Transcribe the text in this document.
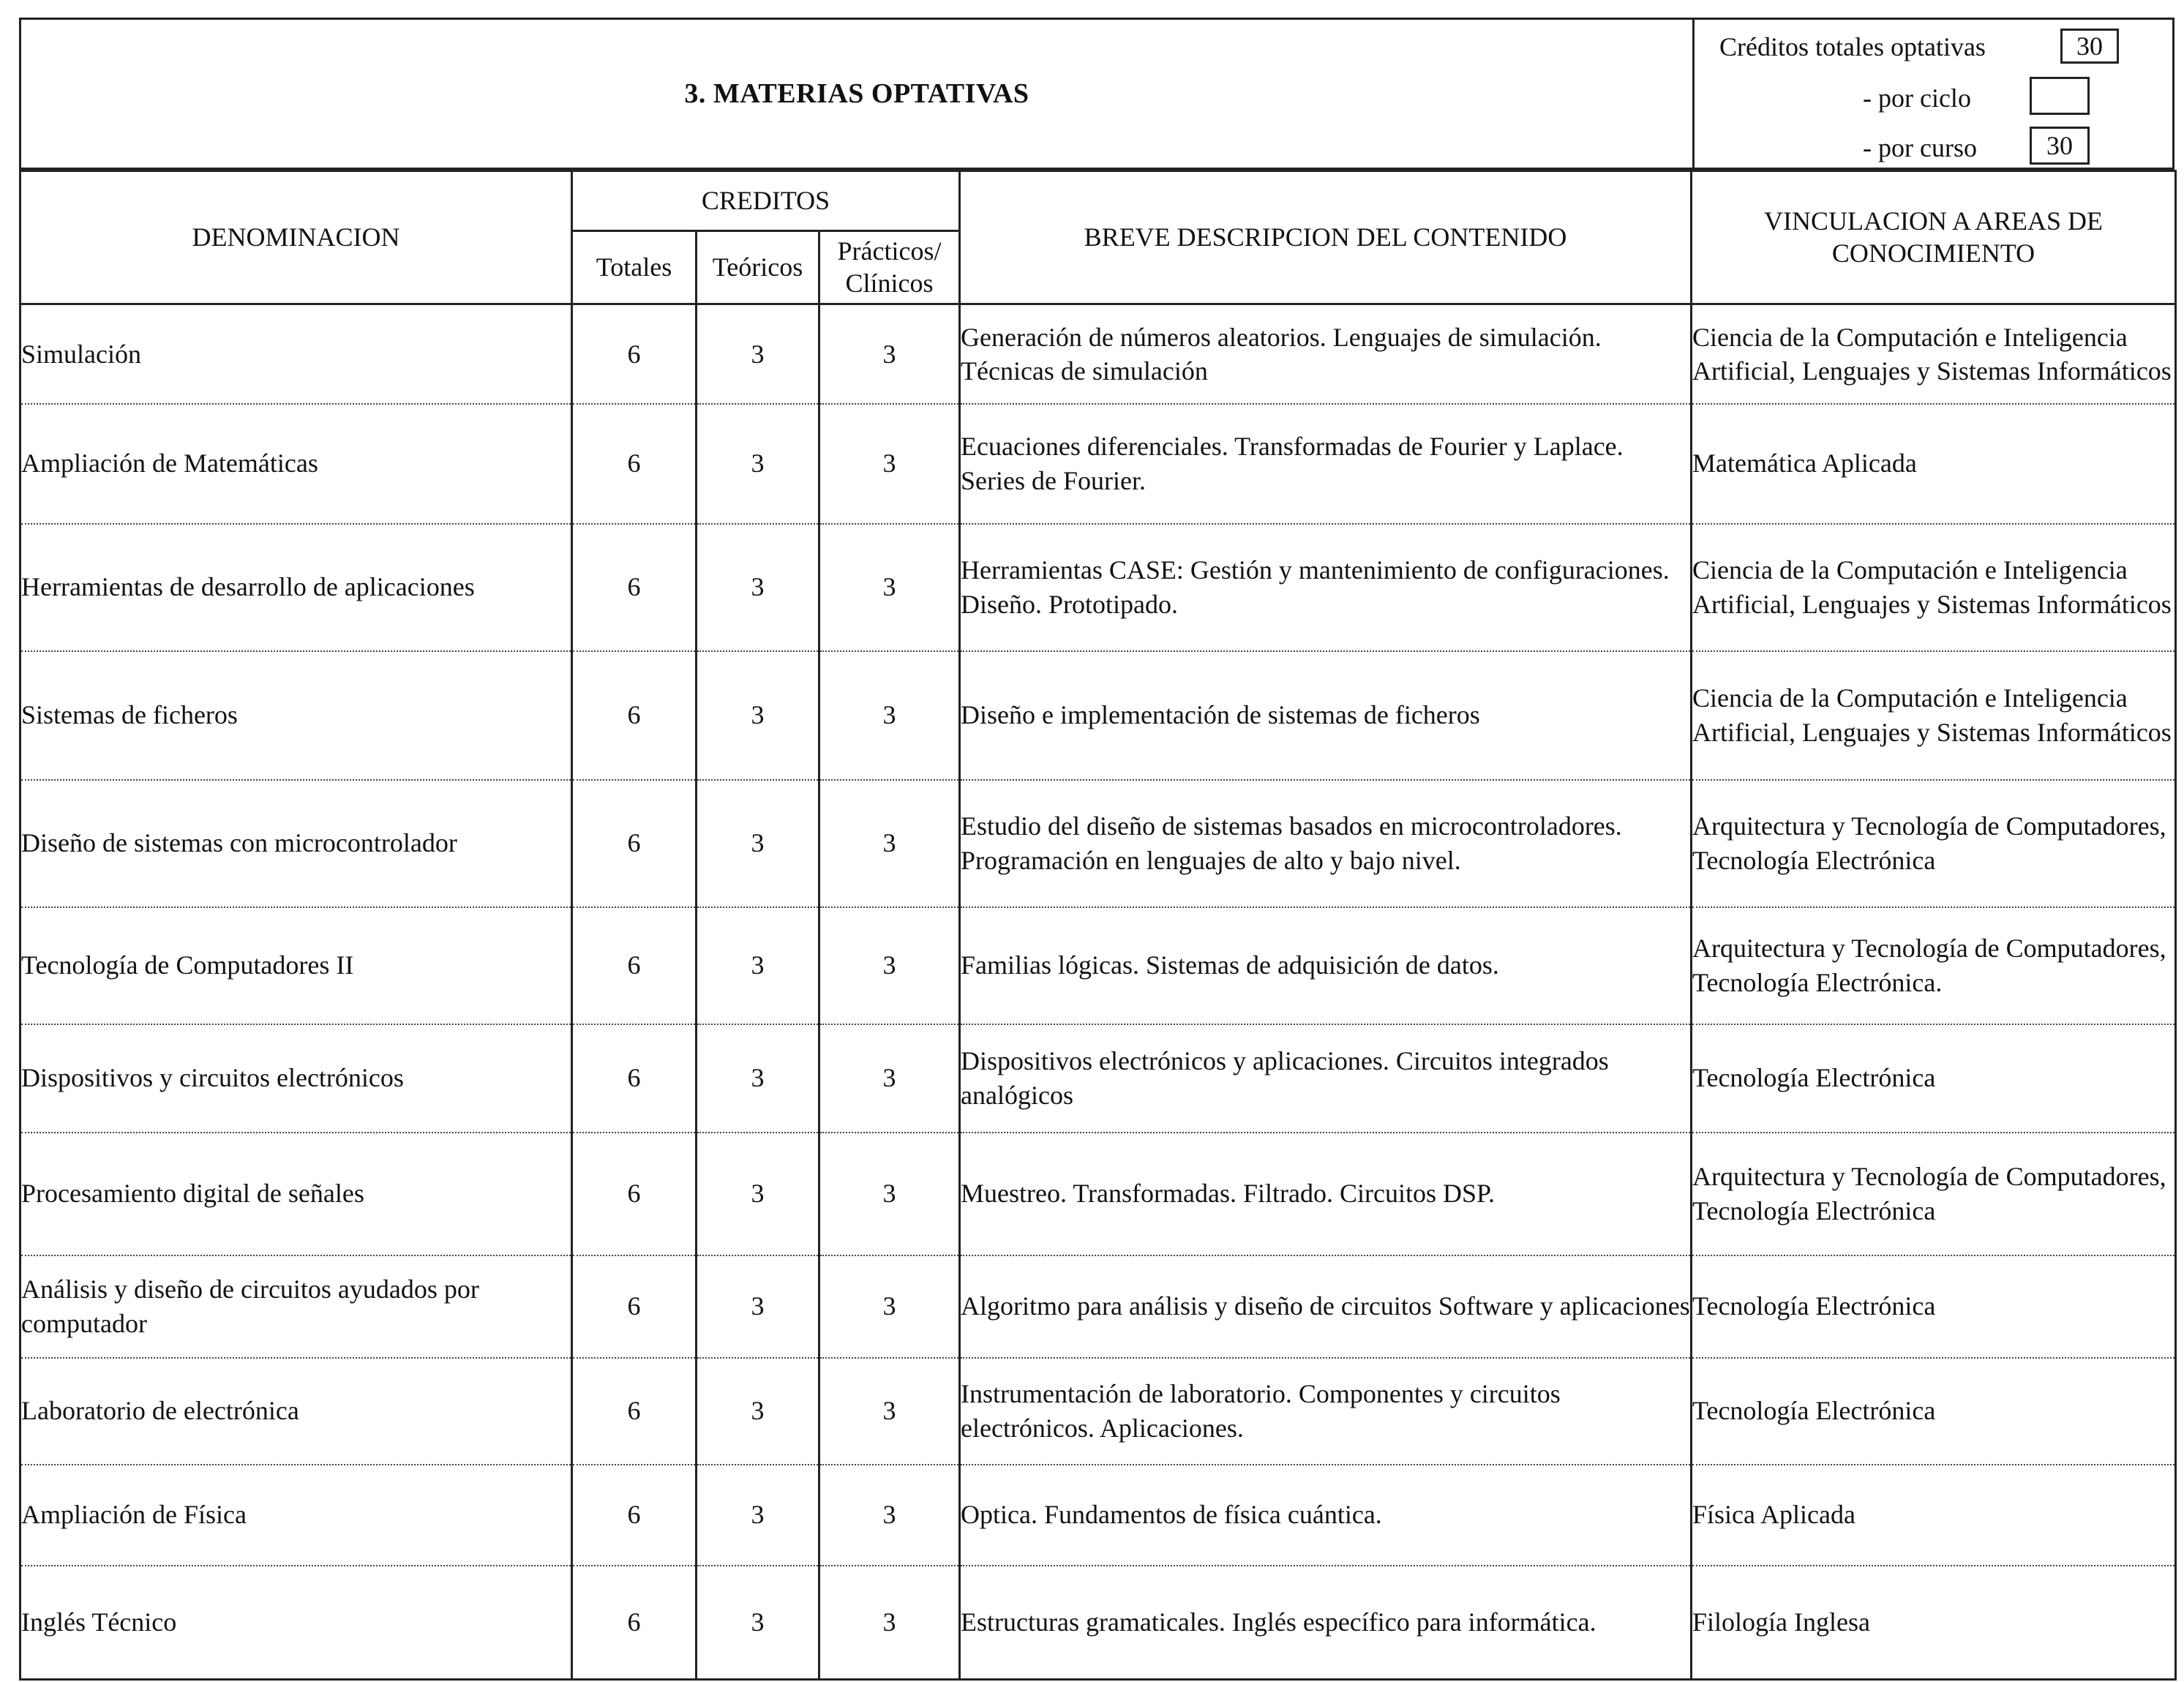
3. MATERIAS OPTATIVAS
Créditos totales optativas	30
- por ciclo
- por curso	30
DENOMINACION	CREDITOS			BREVE DESCRIPCION DEL CONTENIDO	VINCULACION A AREAS DE
CONOCIMIENTO

	Totales	Teóricos	Prácticos/
Clínicos		

Simulación	6	3	3	Generación de números aleatorios. Lenguajes de simulación. Técnicas de simulación	Ciencia de la Computación e Inteligencia Artificial, Lenguajes y Sistemas Informáticos
Ampliación de Matemáticas	6	3	3	Ecuaciones diferenciales. Transformadas de Fourier y Laplace. Series de Fourier.	Matemática Aplicada
Herramientas de desarrollo de aplicaciones	6	3	3	Herramientas CASE: Gestión y mantenimiento de configuraciones. Diseño. Prototipado.	Ciencia de la Computación e Inteligencia Artificial, Lenguajes y Sistemas Informáticos
Sistemas de ficheros	6	3	3	Diseño e implementación de sistemas de ficheros	Ciencia de la Computación e Inteligencia Artificial, Lenguajes y Sistemas Informáticos
Diseño de sistemas con microcontrolador	6	3	3	Estudio del diseño de sistemas basados en microcontroladores. Programación en lenguajes de alto y bajo nivel.	Arquitectura y Tecnología de Computadores, Tecnología Electrónica
Tecnología de Computadores II	6	3	3	Familias lógicas. Sistemas de adquisición de datos.	Arquitectura y Tecnología de Computadores, Tecnología Electrónica.
Dispositivos y circuitos electrónicos	6	3	3	Dispositivos electrónicos y aplicaciones. Circuitos integrados analógicos	Tecnología Electrónica
Procesamiento digital de señales	6	3	3	Muestreo. Transformadas. Filtrado. Circuitos DSP.	Arquitectura y Tecnología de Computadores, Tecnología Electrónica
Análisis y diseño de circuitos ayudados por computador	6	3	3	Algoritmo para análisis y diseño de circuitos Software y aplicaciones	Tecnología Electrónica
Laboratorio de electrónica	6	3	3	Instrumentación de laboratorio. Componentes y circuitos electrónicos. Aplicaciones.	Tecnología Electrónica
Ampliación de Física	6	3	3	Optica. Fundamentos de física cuántica.	Física Aplicada
Inglés Técnico	6	3	3	Estructuras gramaticales. Inglés específico para informática.	Filología Inglesa
